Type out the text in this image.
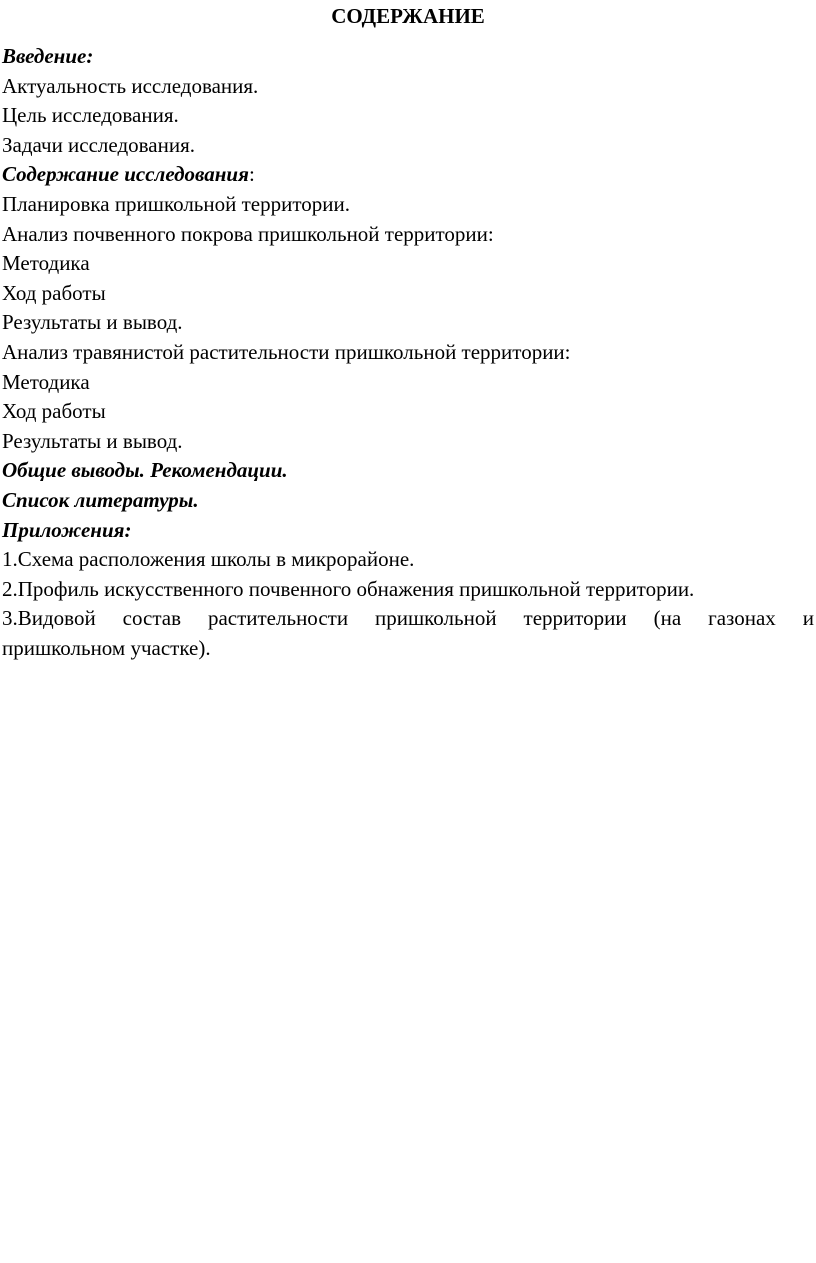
СОДЕРЖАНИЕ
Введение:
Актуальность исследования.
Цель исследования.
Задачи исследования.
Содержание исследования:
Планировка пришкольной территории.
Анализ почвенного покрова пришкольной территории:
Методика
Ход работы
Результаты и вывод.
Анализ травянистой растительности пришкольной территории:
Методика
Ход работы
Результаты и вывод.
Общие выводы. Рекомендации.
Список литературы.
Приложения:
1.Схема расположения школы в микрорайоне.
2.Профиль искусственного почвенного обнажения пришкольной территории.
3.Видовой состав растительности пришкольной территории (на газонах и
пришкольном участке).
